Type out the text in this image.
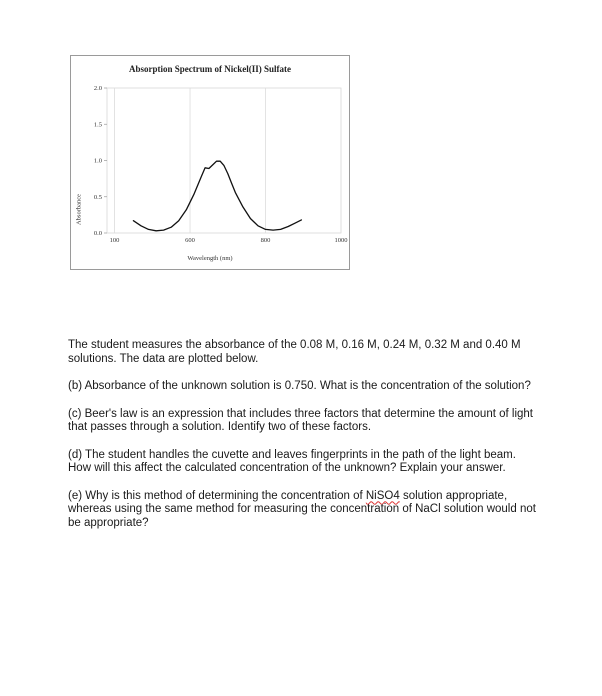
Absorption Spectrum of Nickel(II) Sulfate
100	600	800	1000
0.0
0.5
1.0
1.5
2.0
Absorbance
Wavelength (nm)

The student measures the absorbance of the 0.08 M, 0.16 M, 0.24 M, 0.32 M and 0.40 M solutions. The data are plotted below.

(b) Absorbance of the unknown solution is 0.750. What is the concentration of the solution?

(c) Beer's law is an expression that includes three factors that determine the amount of light that passes through a solution. Identify two of these factors.

(d) The student handles the cuvette and leaves fingerprints in the path of the light beam. How will this affect the calculated concentration of the unknown? Explain your answer.

(e) Why is this method of determining the concentration of NiSO4 solution appropriate, whereas using the same method for measuring the concentration of NaCl solution would not be appropriate?
